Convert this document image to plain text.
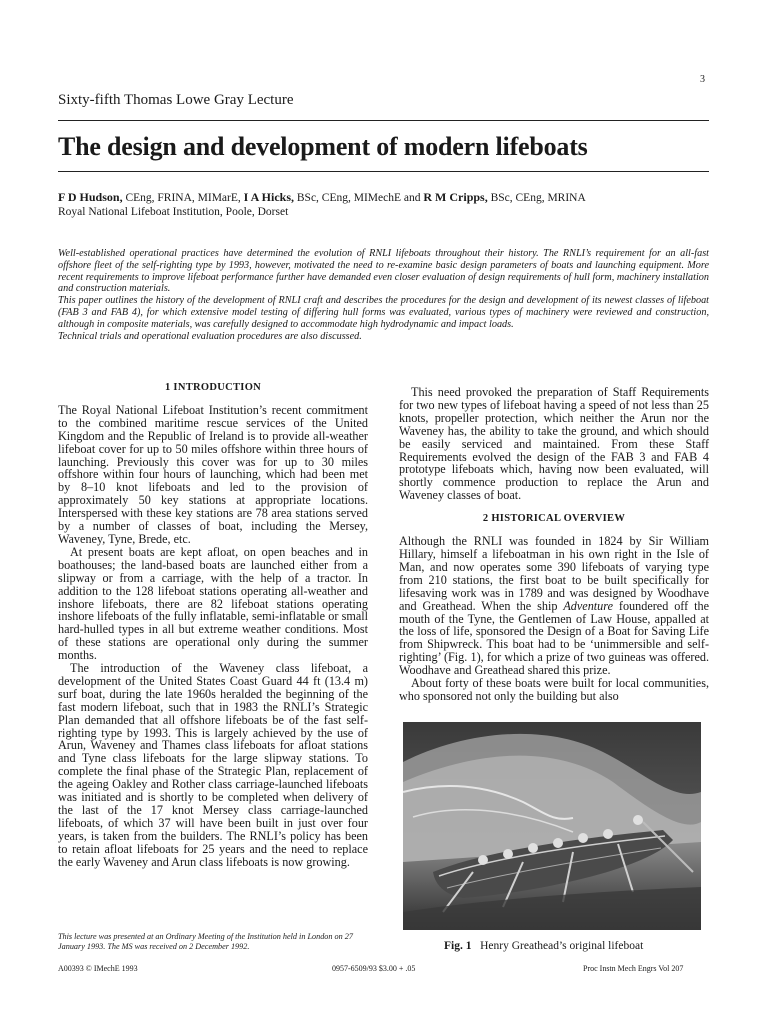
3
Sixty-fifth Thomas Lowe Gray Lecture
The design and development of modern lifeboats
F D Hudson, CEng, FRINA, MIMarE, I A Hicks, BSc, CEng, MIMechE and R M Cripps, BSc, CEng, MRINA
Royal National Lifeboat Institution, Poole, Dorset

Well-established operational practices have determined the evolution of RNLI lifeboats throughout their history. The RNLI’s requirement for an all-fast offshore fleet of the self-righting type by 1993, however, motivated the need to re-examine basic design parameters of boats and launching equipment. More recent requirements to improve lifeboat performance further have demanded even closer evaluation of design requirements of hull form, machinery installation and construction materials.

This paper outlines the history of the development of RNLI craft and describes the procedures for the design and development of its newest classes of lifeboat (FAB 3 and FAB 4), for which extensive model testing of differing hull forms was evaluated, various types of machinery were reviewed and construction, although in composite materials, was carefully designed to accommodate high hydrodynamic and impact loads.

Technical trials and operational evaluation procedures are also discussed.

1 INTRODUCTION

The Royal National Lifeboat Institution’s recent commitment to the combined maritime rescue services of the United Kingdom and the Republic of Ireland is to provide all-weather lifeboat cover for up to 50 miles offshore within three hours of launching. Previously this cover was for up to 30 miles offshore within four hours of launching, which had been met by 8–10 knot lifeboats and led to the provision of approximately 50 key stations at appropriate locations. Interspersed with these key stations are 78 area stations served by a number of classes of boat, including the Mersey, Waveney, Tyne, Brede, etc.

At present boats are kept afloat, on open beaches and in boathouses; the land-based boats are launched either from a slipway or from a carriage, with the help of a tractor. In addition to the 128 lifeboat stations operating all-weather and inshore lifeboats, there are 82 lifeboat stations operating inshore lifeboats of the fully inflatable, semi-inflatable or small hard-hulled types in all but extreme weather conditions. Most of these stations are operational only during the summer months.

The introduction of the Waveney class lifeboat, a development of the United States Coast Guard 44 ft (13.4 m) surf boat, during the late 1960s heralded the beginning of the fast modern lifeboat, such that in 1983 the RNLI’s Strategic Plan demanded that all offshore lifeboats be of the fast self-righting type by 1993. This is largely achieved by the use of Arun, Waveney and Thames class lifeboats for afloat stations and Tyne class lifeboats for the large slipway stations. To complete the final phase of the Strategic Plan, replacement of the ageing Oakley and Rother class carriage-launched lifeboats was initiated and is shortly to be completed when delivery of the last of the 17 knot Mersey class carriage-launched lifeboats, of which 37 will have been built in just over four years, is taken from the builders. The RNLI’s policy has been to retain afloat lifeboats for 25 years and the need to replace the early Waveney and Arun class lifeboats is now growing.

This lecture was presented at an Ordinary Meeting of the Institution held in London on 27 January 1993. The MS was received on 2 December 1992.

This need provoked the preparation of Staff Requirements for two new types of lifeboat having a speed of not less than 25 knots, propeller protection, which neither the Arun nor the Waveney has, the ability to take the ground, and which should be easily serviced and maintained. From these Staff Requirements evolved the design of the FAB 3 and FAB 4 prototype lifeboats which, having now been evaluated, will shortly commence production to replace the Arun and Waveney classes of boat.

2 HISTORICAL OVERVIEW

Although the RNLI was founded in 1824 by Sir William Hillary, himself a lifeboatman in his own right in the Isle of Man, and now operates some 390 lifeboats of varying type from 210 stations, the first boat to be built specifically for lifesaving work was in 1789 and was designed by Woodhave and Greathead. When the ship Adventure foundered off the mouth of the Tyne, the Gentlemen of Law House, appalled at the loss of life, sponsored the Design of a Boat for Saving Life from Shipwreck. This boat had to be ‘unimmersible and self-righting’ (Fig. 1), for which a prize of two guineas was offered. Woodhave and Greathead shared this prize.

About forty of these boats were built for local communities, who sponsored not only the building but also

Fig. 1 Henry Greathead’s original lifeboat
A00393 © IMechE 1993	0957-6509/93 $3.00 + .05	Proc Instn Mech Engrs Vol 207
